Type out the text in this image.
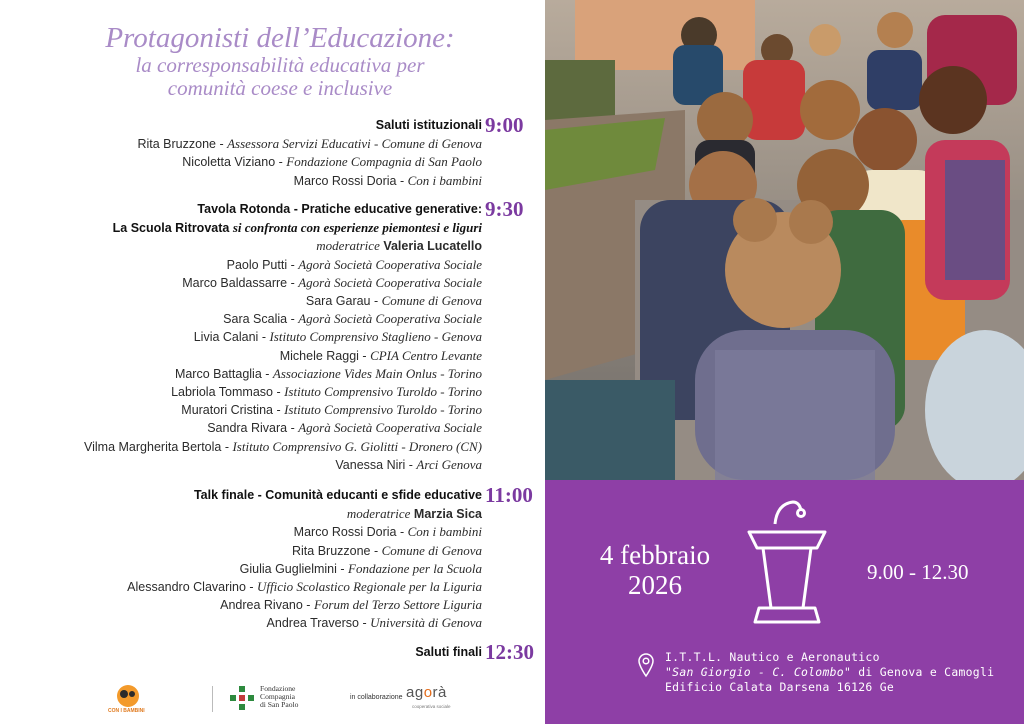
Protagonisti dell’Educazione:
la corresponsabilità educativa per
comunità coese e inclusive
Saluti istituzionali 9:00
Rita Bruzzone - Assessora Servizi Educativi - Comune di Genova
Nicoletta Viziano - Fondazione Compagnia di San Paolo
Marco Rossi Doria - Con i bambini
Tavola Rotonda - Pratiche educative generative: 9:30
La Scuola Ritrovata si confronta con esperienze piemontesi e liguri
moderatrice Valeria Lucatello
Paolo Putti - Agorà Società Cooperativa Sociale
Marco Baldassarre - Agorà Società Cooperativa Sociale
Sara Garau - Comune di Genova
Sara Scalia - Agorà Società Cooperativa Sociale
Livia Calani - Istituto Comprensivo Staglieno - Genova
Michele Raggi - CPIA Centro Levante
Marco Battaglia - Associazione Vides Main Onlus - Torino
Labriola Tommaso - Istituto Comprensivo Turoldo - Torino
Muratori Cristina - Istituto Comprensivo Turoldo - Torino
Sandra Rivara - Agorà Società Cooperativa Sociale
Vilma Margherita Bertola - Istituto Comprensivo G. Giolitti - Dronero (CN)
Vanessa Niri - Arci Genova
Talk finale - Comunità educanti e sfide educative 11:00
moderatrice Marzia Sica
Marco Rossi Doria - Con i bambini
Rita Bruzzone - Comune di Genova
Giulia Guglielmini - Fondazione per la Scuola
Alessandro Clavarino - Ufficio Scolastico Regionale per la Liguria
Andrea Rivano - Forum del Terzo Settore Liguria
Andrea Traverso - Università di Genova
Saluti finali 12:30
4 febbraio
2026	9.00 - 12.30
I.T.T.L. Nautico e Aeronautico
"San Giorgio - C. Colombo" di Genova e Camogli
Edificio Calata Darsena 16126 Ge
CON I BAMBINI
Fondazione
Compagnia
di San Paolo
in collaborazione agorà
cooperativa sociale
